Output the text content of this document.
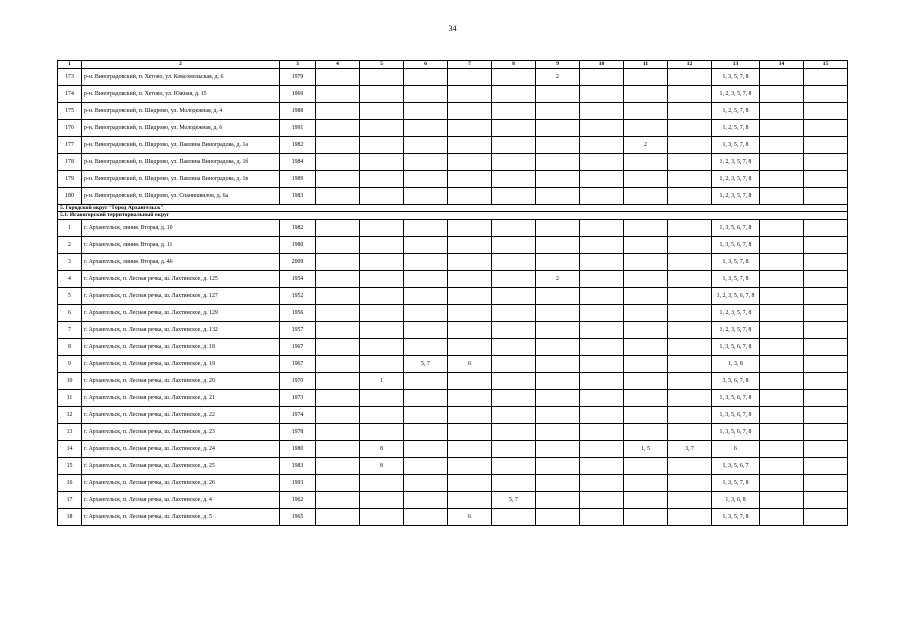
34
1	2	3	4	5	6	7	8	9	10	11	12	13	14	15
173	р-н. Виноградовский, п. Хетово, ул. Комсомольская, д. 6	1979						2				1, 3, 5, 7, 8		
174	р-н. Виноградовский, п. Хетово, ул. Южная, д. 15	1969										1, 2, 3, 5, 7, 8		
175	р-н. Виноградовский, п. Шидрово, ул. Молодежная, д. 4	1988										1, 2, 5, 7, 8		
176	р-н. Виноградовский, п. Шидрово, ул. Молодежная, д. 6	1991										1, 2, 5, 7, 8		
177	р-н. Виноградовский, п. Шидрово, ул. Павлина Виноградова, д. 1а	1982								2		1, 3, 5, 7, 8		
178	р-н. Виноградовский, п. Шидрово, ул. Павлина Виноградова, д. 1б	1984										1, 2, 3, 5, 7, 8		
179	р-н. Виноградовский, п. Шидрово, ул. Павлина Виноградова, д. 1в	1989										1, 2, 3, 5, 7, 8		
180	р-н. Виноградовский, п. Шидрово, ул. Спанишвилов, д. 6а	1983										1, 2, 3, 5, 7, 8		
5. Городской округ "Город Архангельск"														
5.1. Исакогорский территориальный округ														
1	г. Архангельск, линия. Вторая, д. 10	1982										1, 3, 5, 6, 7, 8		
2	г. Архангельск, линия. Вторая, д. 11	1980										1, 3, 5, 6, 7, 8		
3	г. Архангельск, линия. Вторая, д. 46	2009										1, 3, 5, 7, 8		
4	г. Архангельск, п. Лесная речка, ш. Лахтинское, д. 125	1954						2				1, 3, 5, 7, 8		
5	г. Архангельск, п. Лесная речка, ш. Лахтинское, д. 127	1952										1, 2, 3, 5, 6, 7, 8		
6	г. Архангельск, п. Лесная речка, ш. Лахтинское, д. 129	1956										1, 2, 3, 5, 7, 8		
7	г. Архангельск, п. Лесная речка, ш. Лахтинское, д. 132	1957										1, 2, 3, 5, 7, 8		
8	г. Архангельск, п. Лесная речка, ш. Лахтинское, д. 18	1967										1, 3, 5, 6, 7, 8		
9	г. Архангельск, п. Лесная речка, ш. Лахтинское, д. 19	1967			5, 7	6						1, 3, 8		
10	г. Архангельск, п. Лесная речка, ш. Лахтинское, д. 20	1970		1								3, 5, 6, 7, 8		
11	г. Архангельск, п. Лесная речка, ш. Лахтинское, д. 21	1973										1, 3, 5, 6, 7, 8		
12	г. Архангельск, п. Лесная речка, ш. Лахтинское, д. 22	1974										1, 3, 5, 6, 7, 8		
13	г. Архангельск, п. Лесная речка, ш. Лахтинское, д. 23	1978										1, 3, 5, 6, 7, 8		
14	г. Архангельск, п. Лесная речка, ш. Лахтинское, д. 24	1980		8						1, 5	3, 7	6		
15	г. Архангельск, п. Лесная речка, ш. Лахтинское, д. 25	1983		8								1, 3, 5, 6, 7		
16	г. Архангельск, п. Лесная речка, ш. Лахтинское, д. 26	1993										1, 3, 5, 7, 8		
17	г. Архангельск, п. Лесная речка, ш. Лахтинское, д. 4	1962					5, 7					1, 3, 6, 8		
18	г. Архангельск, п. Лесная речка, ш. Лахтинское, д. 5	1965				6						1, 3, 5, 7, 8		
